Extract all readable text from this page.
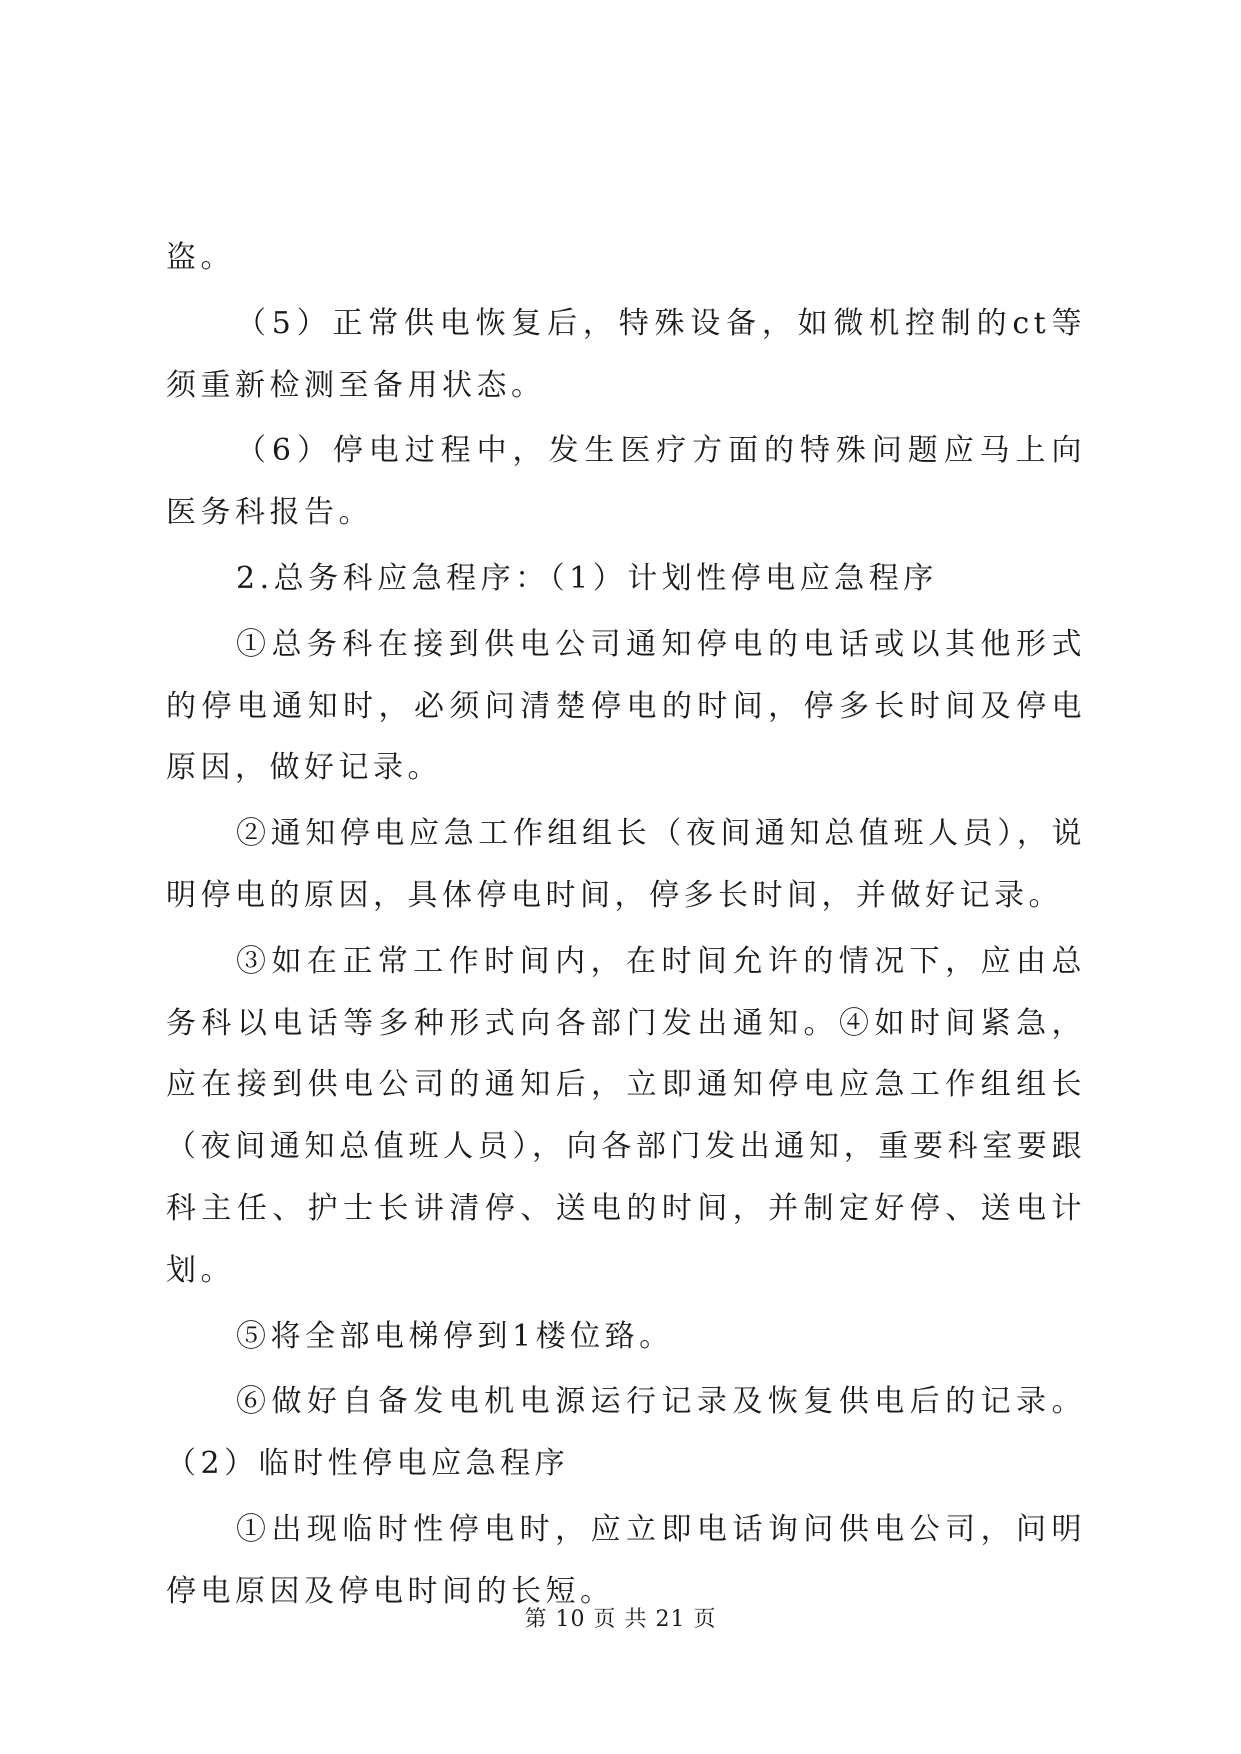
盗。

（5）正常供电恢复后，特殊设备，如微机控制的ct等须重新检测至备用状态。

（6）停电过程中，发生医疗方面的特殊问题应马上向医务科报告。

2.总务科应急程序：（1）计划性停电应急程序

①总务科在接到供电公司通知停电的电话或以其他形式的停电通知时，必须问清楚停电的时间，停多长时间及停电原因，做好记录。

②通知停电应急工作组组长（夜间通知总值班人员），说明停电的原因，具体停电时间，停多长时间，并做好记录。

③如在正常工作时间内，在时间允许的情况下，应由总务科以电话等多种形式向各部门发出通知。④如时间紧急，应在接到供电公司的通知后，立即通知停电应急工作组组长（夜间通知总值班人员），向各部门发出通知，重要科室要跟科主任、护士长讲清停、送电的时间，并制定好停、送电计划。

⑤将全部电梯停到1楼位臵。

⑥做好自备发电机电源运行记录及恢复供电后的记录。（2）临时性停电应急程序

①出现临时性停电时，应立即电话询问供电公司，问明停电原因及停电时间的长短。

第 10 页 共 21 页
